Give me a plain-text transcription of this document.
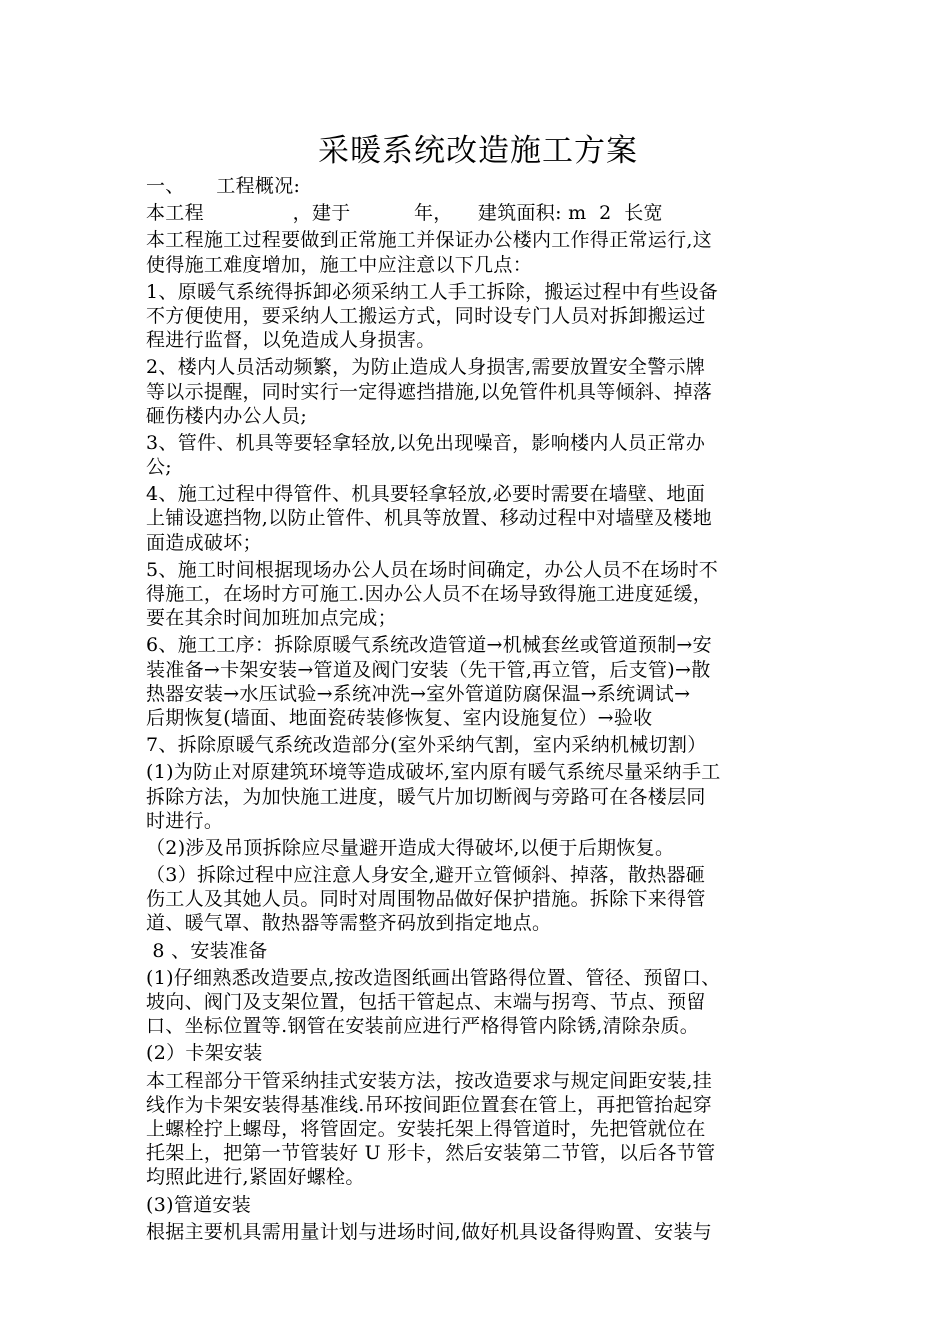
采暖系统改造施工方案
一、     工程概况:
本工程              ，建于          年，    建筑面积: m  2  长宽
本工程施工过程要做到正常施工并保证办公楼内工作得正常运行,这
使得施工难度增加，施工中应注意以下几点：
1、原暖气系统得拆卸必须采纳工人手工拆除，搬运过程中有些设备
不方便使用，要采纳人工搬运方式，同时设专门人员对拆卸搬运过
程进行监督，以免造成人身损害。
2、楼内人员活动频繁，为防止造成人身损害,需要放置安全警示牌
等以示提醒，同时实行一定得遮挡措施,以免管件机具等倾斜、掉落
砸伤楼内办公人员;
3、管件、机具等要轻拿轻放,以免出现噪音，影响楼内人员正常办
公;
4、施工过程中得管件、机具要轻拿轻放,必要时需要在墙壁、地面
上铺设遮挡物,以防止管件、机具等放置、移动过程中对墙壁及楼地
面造成破坏；
5、施工时间根据现场办公人员在场时间确定，办公人员不在场时不
得施工，在场时方可施工.因办公人员不在场导致得施工进度延缓，
要在其余时间加班加点完成；
6、施工工序：拆除原暖气系统改造管道→机械套丝或管道预制→安
装准备→卡架安装→管道及阀门安装（先干管,再立管，后支管)→散
热器安装→水压试验→系统冲洗→室外管道防腐保温→系统调试→
后期恢复(墙面、地面瓷砖装修恢复、室内设施复位）→验收
7、拆除原暖气系统改造部分(室外采纳气割，室内采纳机械切割）
(1)为防止对原建筑环境等造成破坏,室内原有暖气系统尽量采纳手工
拆除方法，为加快施工进度，暖气片加切断阀与旁路可在各楼层同
时进行。
（2)涉及吊顶拆除应尽量避开造成大得破坏,以便于后期恢复。
（3）拆除过程中应注意人身安全,避开立管倾斜、掉落，散热器砸
伤工人及其她人员。同时对周围物品做好保护措施。拆除下来得管
道、暖气罩、散热器等需整齐码放到指定地点。
8 、安装准备
(1)仔细熟悉改造要点,按改造图纸画出管路得位置、管径、预留口、
坡向、阀门及支架位置，包括干管起点、末端与拐弯、节点、预留
口、坐标位置等.钢管在安装前应进行严格得管内除锈,清除杂质。
(2）卡架安装
本工程部分干管采纳挂式安装方法，按改造要求与规定间距安装,挂
线作为卡架安装得基准线.吊环按间距位置套在管上，再把管抬起穿
上螺栓拧上螺母，将管固定。安装托架上得管道时，先把管就位在
托架上，把第一节管装好 U 形卡，然后安装第二节管，以后各节管
均照此进行,紧固好螺栓。
(3)管道安装
根据主要机具需用量计划与进场时间,做好机具设备得购置、安装与
